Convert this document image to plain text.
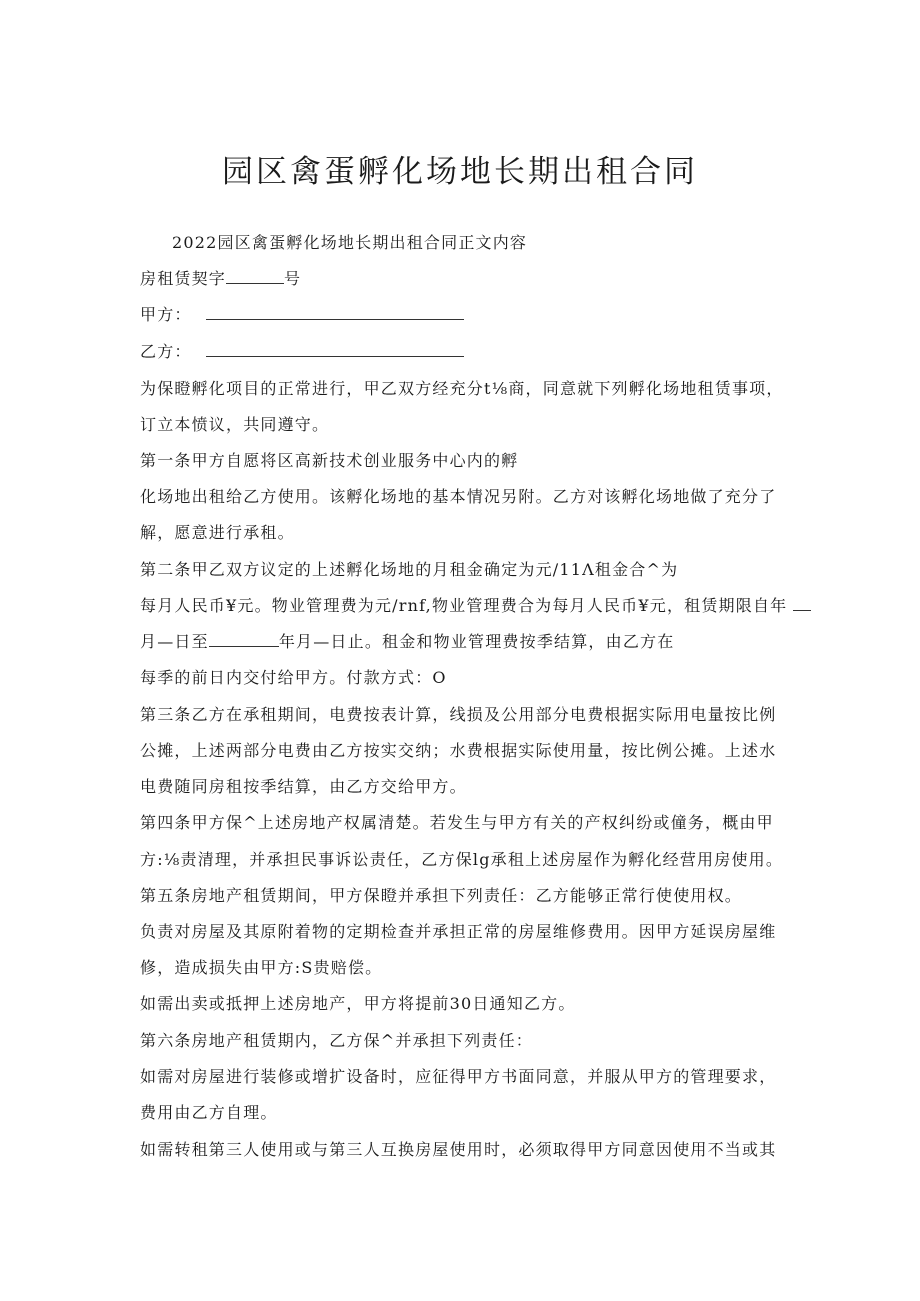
园区禽蛋孵化场地长期出租合同
2022园区禽蛋孵化场地长期出租合同正文内容
房租赁契字	号
甲方：
乙方：
为保瞪孵化项目的正常进行，甲乙双方经充分t⅛商，同意就下列孵化场地租赁事项，
订立本愤议，共同遵守。
第一条甲方自愿将区高新技术创业服务中心内的孵
化场地出租给乙方使用。该孵化场地的基本情况另附。乙方对该孵化场地做了充分了
解，愿意进行承租。
第二条甲乙双方议定的上述孵化场地的月租金确定为元∕11Λ租金合^为
每月人民币¥元。物业管理费为元∕rnf,物业管理费合为每月人民币¥元，租赁期限自年
月—日至	年月—日止。租金和物业管理费按季结算，由乙方在
每季的前日内交付给甲方。付款方式：O
第三条乙方在承租期间，电费按表计算，线损及公用部分电费根据实际用电量按比例
公摊，上述两部分电费由乙方按实交纳；水费根据实际使用量，按比例公摊。上述水
电费随同房租按季结算，由乙方交给甲方。
第四条甲方保^上述房地产权属清楚。若发生与甲方有关的产权纠纷或僮务，概由甲
方:⅛责清理，并承担民事诉讼责任，乙方保lg承租上述房屋作为孵化经营用房使用。
第五条房地产租赁期间，甲方保瞪并承担下列责任：乙方能够正常行使使用权。
负责对房屋及其原附着物的定期检查并承担正常的房屋维修费用。因甲方延误房屋维
修，造成损失由甲方:S贵赔偿。
如需出卖或抵押上述房地产，甲方将提前30日通知乙方。
第六条房地产租赁期内，乙方保^并承担下列责任：
如需对房屋进行装修或增扩设备时，应征得甲方书面同意，并服从甲方的管理要求，
费用由乙方自理。
如需转租第三人使用或与第三人互换房屋使用时，必须取得甲方同意因使用不当或其
